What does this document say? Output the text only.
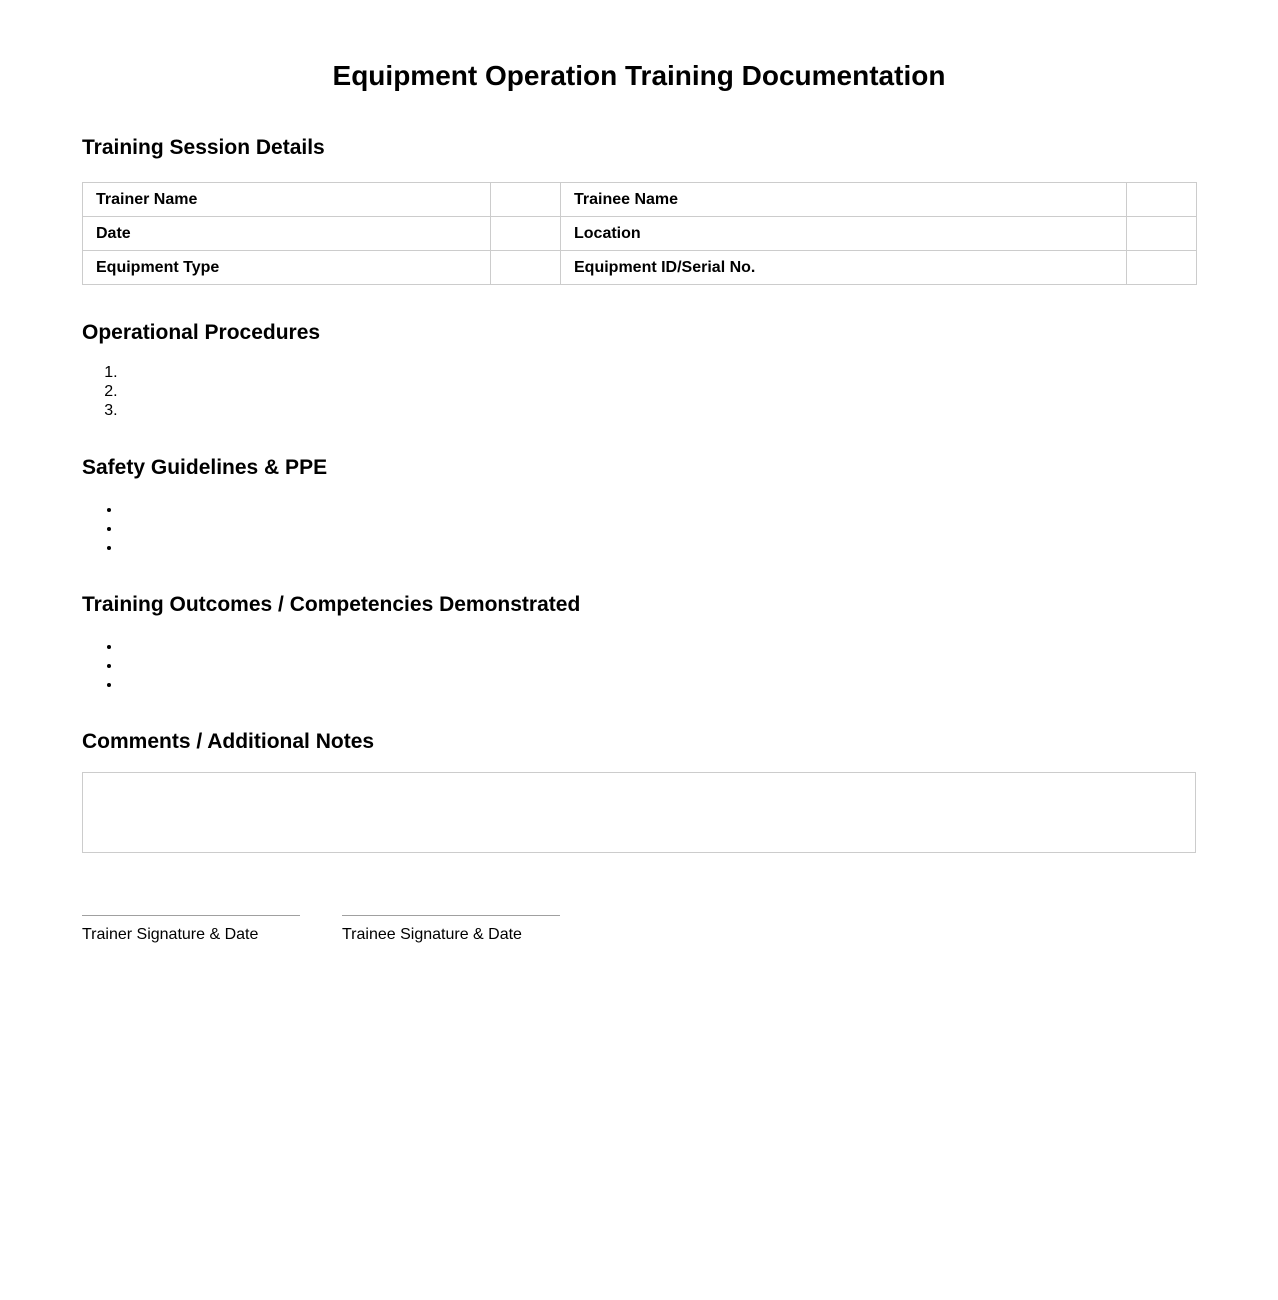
Equipment Operation Training Documentation
Training Session Details
Trainer Name		Trainee Name	
Date		Location	
Equipment Type		Equipment ID/Serial No.	
Operational Procedures
1. ​
2. ​
3. ​
Safety Guidelines & PPE
• ​
• ​
• ​
Training Outcomes / Competencies Demonstrated
• ​
• ​
• ​
Comments / Additional Notes
Trainer Signature & Date	Trainee Signature & Date
